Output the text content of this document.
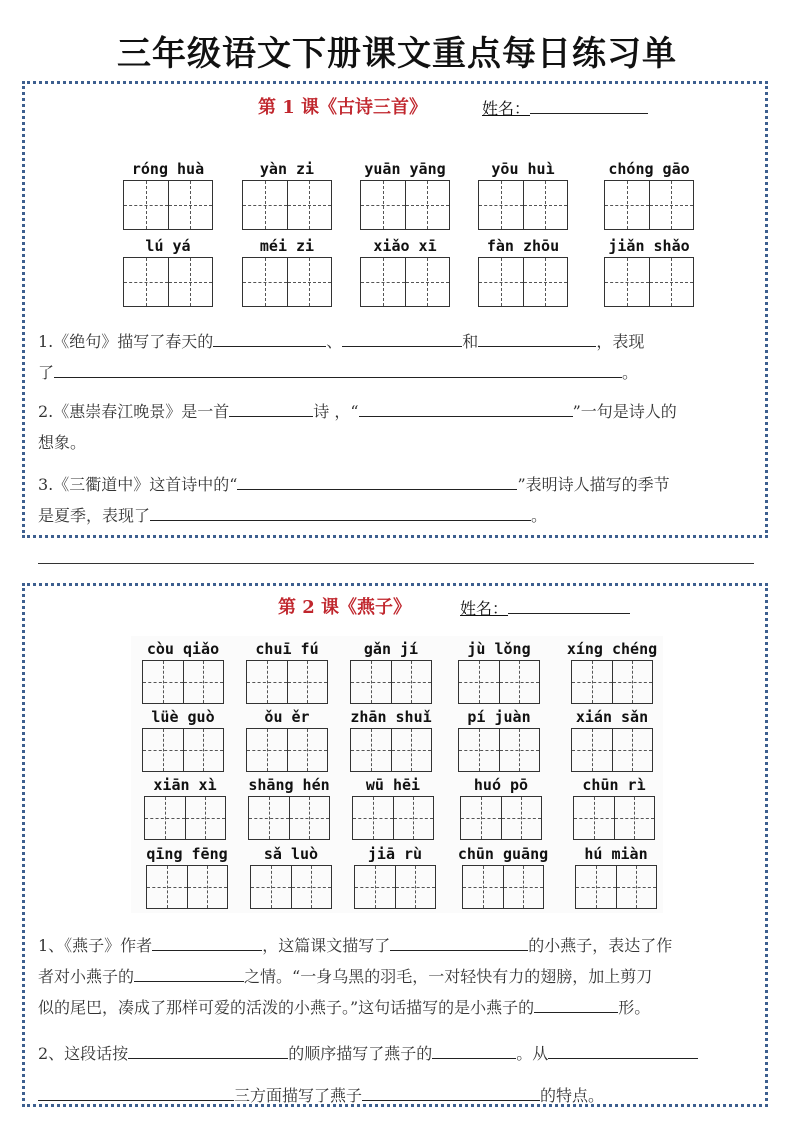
三年级语文下册课文重点每日练习单
第 1 课《古诗三首》	姓名：
róng huà	yàn zi	yuān yāng	yōu huì	chóng gāo
lú yá	méi zi	xiǎo xī	fàn zhōu	jiǎn shǎo
1.《绝句》描写了春天的	、	和	，表现
了	。
2.《惠崇春江晚景》是一首	诗 ，“	”一句是诗人的
想象。
3.《三衢道中》这首诗中的“	”表明诗人描写的季节
是夏季，表现了	。
第 2 课《燕子》	姓名：
còu qiǎo	chuī fú	gǎn jí	jù lǒng	xíng chéng
lüè guò	ǒu ěr	zhān shuǐ	pí juàn	xián sǎn
xiān xì	shāng hén	wū hēi	huó pō	chūn rì
qīng fēng	sǎ luò	jiā rù	chūn guāng	hú miàn
1、《燕子》作者	，这篇课文描写了	的小燕子，表达了作
者对小燕子的	之情。“一身乌黑的羽毛，一对轻快有力的翅膀，加上剪刀
似的尾巴，凑成了那样可爱的活泼的小燕子。”这句话描写的是小燕子的	形。
2、这段话按	的顺序描写了燕子的	。从
三方面描写了燕子	的特点。
